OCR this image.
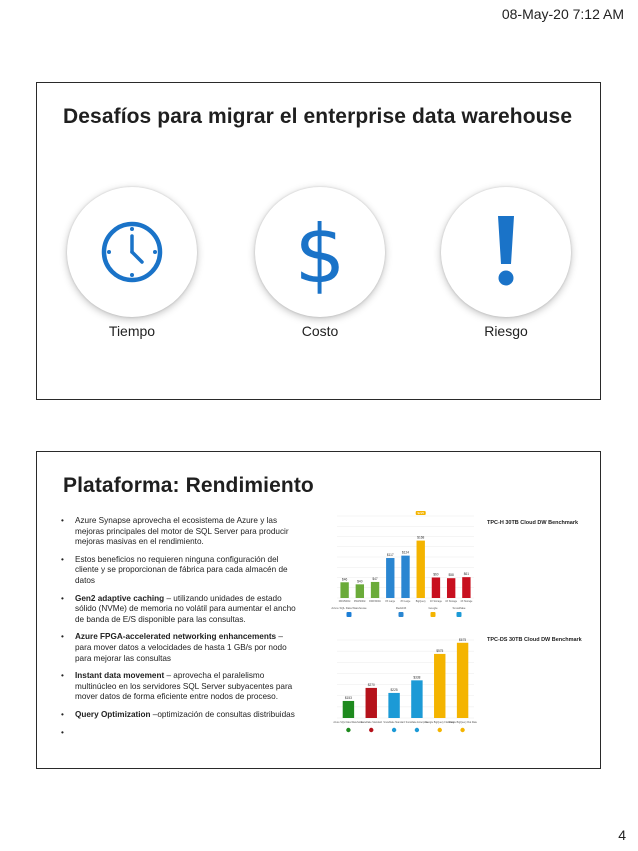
08-May-20 7:12 AM
Desafíos para migrar el enterprise data warehouse
Tiempo
$
Costo	Riesgo
Plataforma: Rendimiento
• Azure Synapse aprovecha el ecosistema de Azure y las mejoras principales del motor de SQL Server para producir mejoras masivas en el rendimiento.
• Estos beneficios no requieren ninguna configuración del cliente y se proporcionan de fábrica para cada almacén de datos
• Gen2 adaptive caching – utilizando unidades de estado sólido (NVMe) de memoria no volátil para aumentar el ancho de banda de E/S disponible para las consultas.
• Azure FPGA-accelerated networking enhancements – para mover datos a velocidades de hasta 1 GB/s por nodo para mejorar las consultas
• Instant data movement – aprovecha el paralelismo multinúcleo en los servidores SQL Server subyacentes para mover datos de forma eficiente entre nodos de proceso.
• Query Optimization –optimización de consultas distribuidas
•
$46
$40
$47
$117
$124
$168
$60	$58	$61
$225
DW15000c	DW15000c	DW15000c	8X Large 8X Large BigQuery	4X Storage 4X Storage 4X Storage
Azure SQL Data Warehouse	Redshift	Google	Snowflake
TPC-H 30TB Cloud DW Benchmark
$153
$270
$225
$338
$575
$675
Azure SQL Data Warehouse
Snowflake Standard Snowflake Standard Snowflake Enterprise
Google BigQuery Flat Rate
Google BigQuery Flat Rate
TPC-DS 30TB Cloud DW Benchmark
4
